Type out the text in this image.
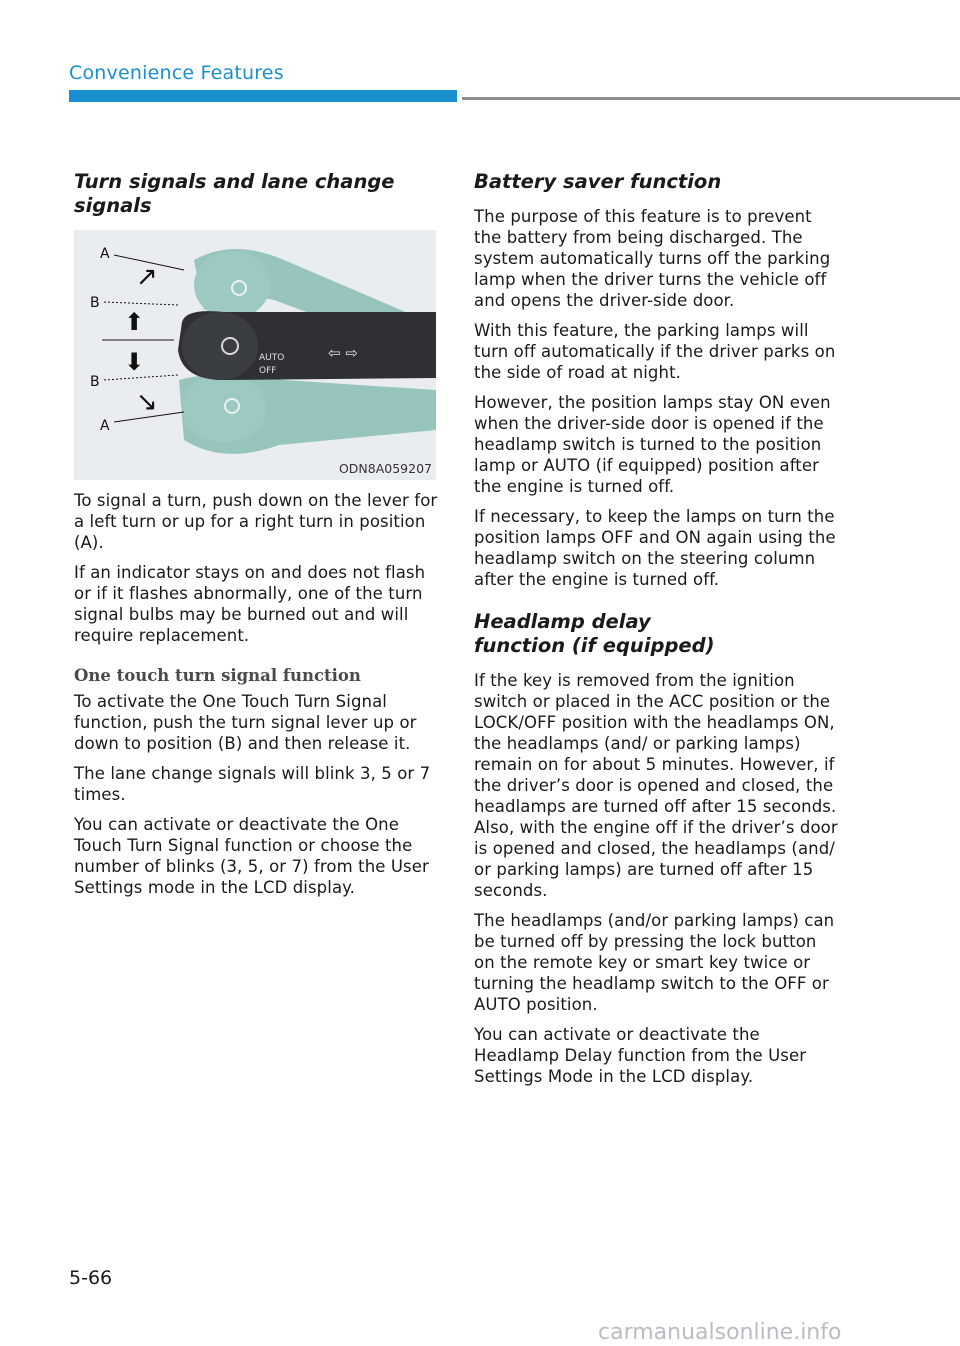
Convenience Features
Turn signals and lane change signals
AUTO
OFF
⇦ ⇨
↗
⬆
⬇
↘
A
B
B
A
ODN8A059207

To signal a turn, push down on the lever for a left turn or up for a right turn in position (A).

If an indicator stays on and does not flash or if it flashes abnormally, one of the turn signal bulbs may be burned out and will require replacement.

One touch turn signal function

To activate the One Touch Turn Signal function, push the turn signal lever up or down to position (B) and then release it.

The lane change signals will blink 3, 5 or 7 times.

You can activate or deactivate the One Touch Turn Signal function or choose the number of blinks (3, 5, or 7) from the User Settings mode in the LCD display.

Battery saver function

The purpose of this feature is to prevent the battery from being discharged. The system automatically turns off the parking lamp when the driver turns the vehicle off and opens the driver-side door.

With this feature, the parking lamps will turn off automatically if the driver parks on the side of road at night.

However, the position lamps stay ON even when the driver-side door is opened if the headlamp switch is turned to the position lamp or AUTO (if equipped) position after the engine is turned off.

If necessary, to keep the lamps on turn the position lamps OFF and ON again using the headlamp switch on the steering column after the engine is turned off.

Headlamp delay function (if equipped)

If the key is removed from the ignition switch or placed in the ACC position or the LOCK/OFF position with the headlamps ON, the headlamps (and/ or parking lamps) remain on for about 5 minutes. However, if the driver’s door is opened and closed, the headlamps are turned off after 15 seconds. Also, with the engine off if the driver’s door is opened and closed, the headlamps (and/ or parking lamps) are turned off after 15 seconds.

The headlamps (and/or parking lamps) can be turned off by pressing the lock button on the remote key or smart key twice or turning the headlamp switch to the OFF or AUTO position.

You can activate or deactivate the Headlamp Delay function from the User Settings Mode in the LCD display.

5-66
carmanualsonline.info
